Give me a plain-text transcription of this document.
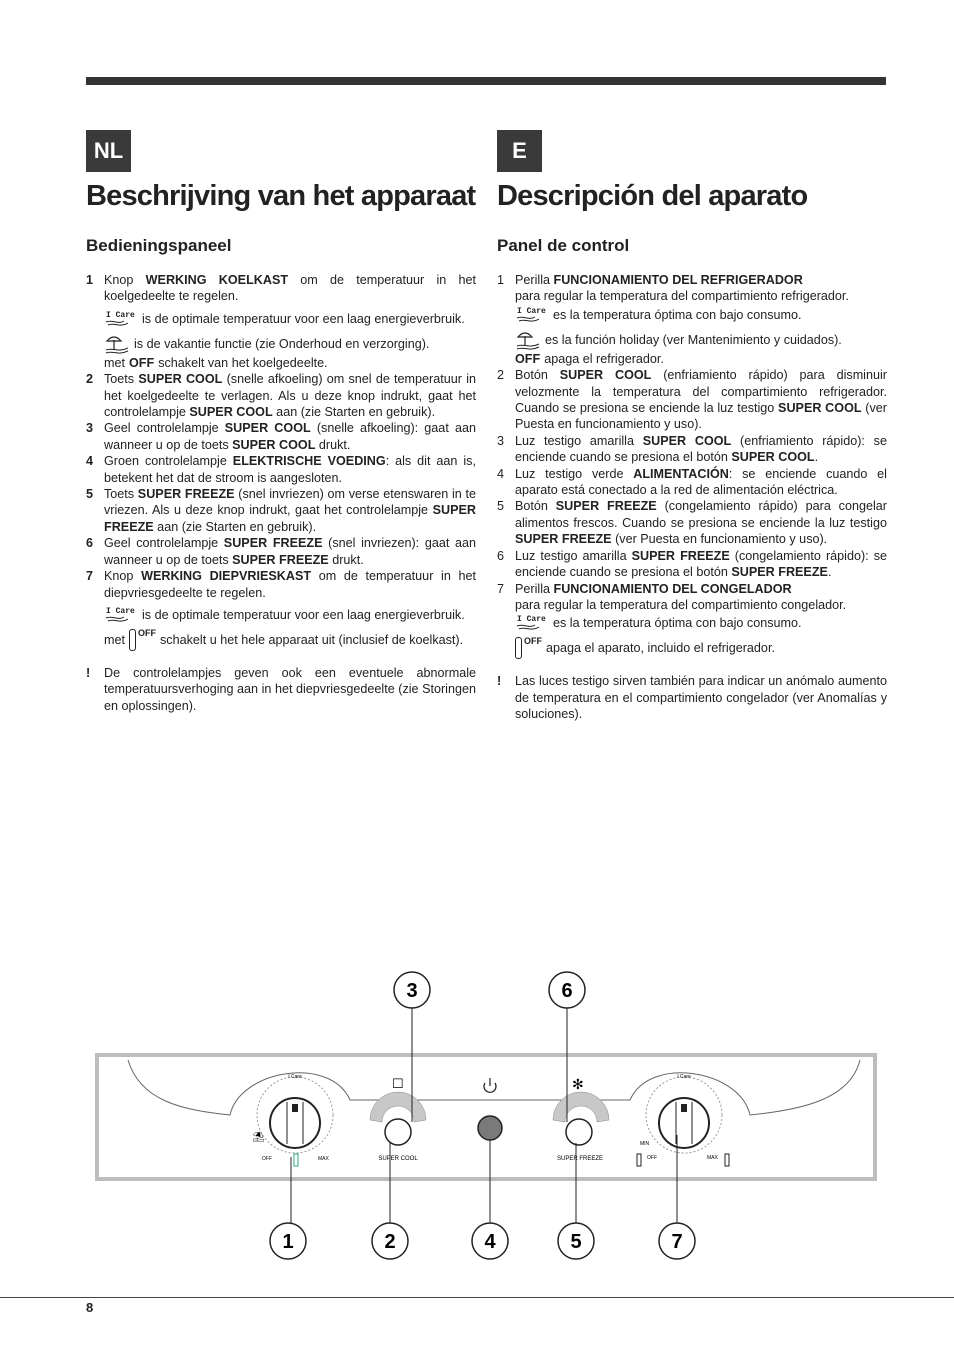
NL
Beschrijving van het apparaat
Bedieningspaneel
1 Knop WERKING KOELKAST om de temperatuur in het koelgedeelte te regelen.
I Care is de optimale temperatuur voor een laag energieverbruik.
is de vakantie functie (zie Onderhoud en verzorging).
met OFF schakelt van het koelgedeelte.
2 Toets SUPER COOL (snelle afkoeling) om snel de temperatuur in het koelgedeelte te verlagen. Als u deze knop indrukt, gaat het controlelampje SUPER COOL aan (zie Starten en gebruik).
3 Geel controlelampje SUPER COOL (snelle afkoeling): gaat aan wanneer u op de toets SUPER COOL drukt.
4 Groen controlelampje ELEKTRISCHE VOEDING: als dit aan is, betekent het dat de stroom is aangesloten.
5 Toets SUPER FREEZE (snel invriezen) om verse etenswaren in te vriezen. Als u deze knop indrukt, gaat het controlelampje SUPER FREEZE aan (zie Starten en gebruik).
6 Geel controlelampje SUPER FREEZE (snel invriezen): gaat aan wanneer u op de toets SUPER FREEZE drukt.
7 Knop WERKING DIEPVRIESKAST om de temperatuur in het diepvriesgedeelte te regelen.
I Care is de optimale temperatuur voor een laag energieverbruik.
met OFF schakelt u het hele apparaat uit (inclusief de koelkast).
!	De controlelampjes geven ook een eventuele abnormale temperatuursverhoging aan in het diepvriesgedeelte (zie Storingen en oplossingen).
E
Descripción del aparato
Panel de control
1 Perilla FUNCIONAMIENTO DEL REFRIGERADOR
para regular la temperatura del compartimiento refrigerador.
I Care es la temperatura óptima con bajo consumo.
es la función holiday (ver Mantenimiento y cuidados).
OFF apaga el refrigerador.
2 Botón SUPER COOL (enfriamiento rápido) para disminuir velozmente la temperatura del compartimiento refrigerador. Cuando se presiona se enciende la luz testigo SUPER COOL (ver Puesta en funcionamiento y uso).
3 Luz testigo amarilla SUPER COOL (enfriamiento rápido): se enciende cuando se presiona el botón SUPER COOL.
4 Luz testigo verde ALIMENTACIÓN: se enciende cuando el aparato está conectado a la red de alimentación eléctrica.
5 Botón SUPER FREEZE (congelamiento rápido) para congelar alimentos frescos. Cuando se presiona se enciende la luz testigo SUPER FREEZE (ver Puesta en funcionamiento y uso).
6 Luz testigo amarilla SUPER FREEZE (congelamiento rápido): se enciende cuando se presiona el botón SUPER FREEZE.
7 Perilla FUNCIONAMIENTO DEL CONGELADOR
para regular la temperatura del compartimiento congelador.
I Care es la temperatura óptima con bajo consumo.
OFF apaga el aparato, incluido el refrigerador.
!	Las luces testigo sirven también para indicar un anómalo aumento de temperatura en el compartimiento congelador (ver Anomalías y soluciones).
I Care
OFF	MAX
⛱
SUPER COOL
☐
SUPER FREEZE
✻	I Care
MIN
OFF	MAX
3	6
1	2	4	5	7
8
